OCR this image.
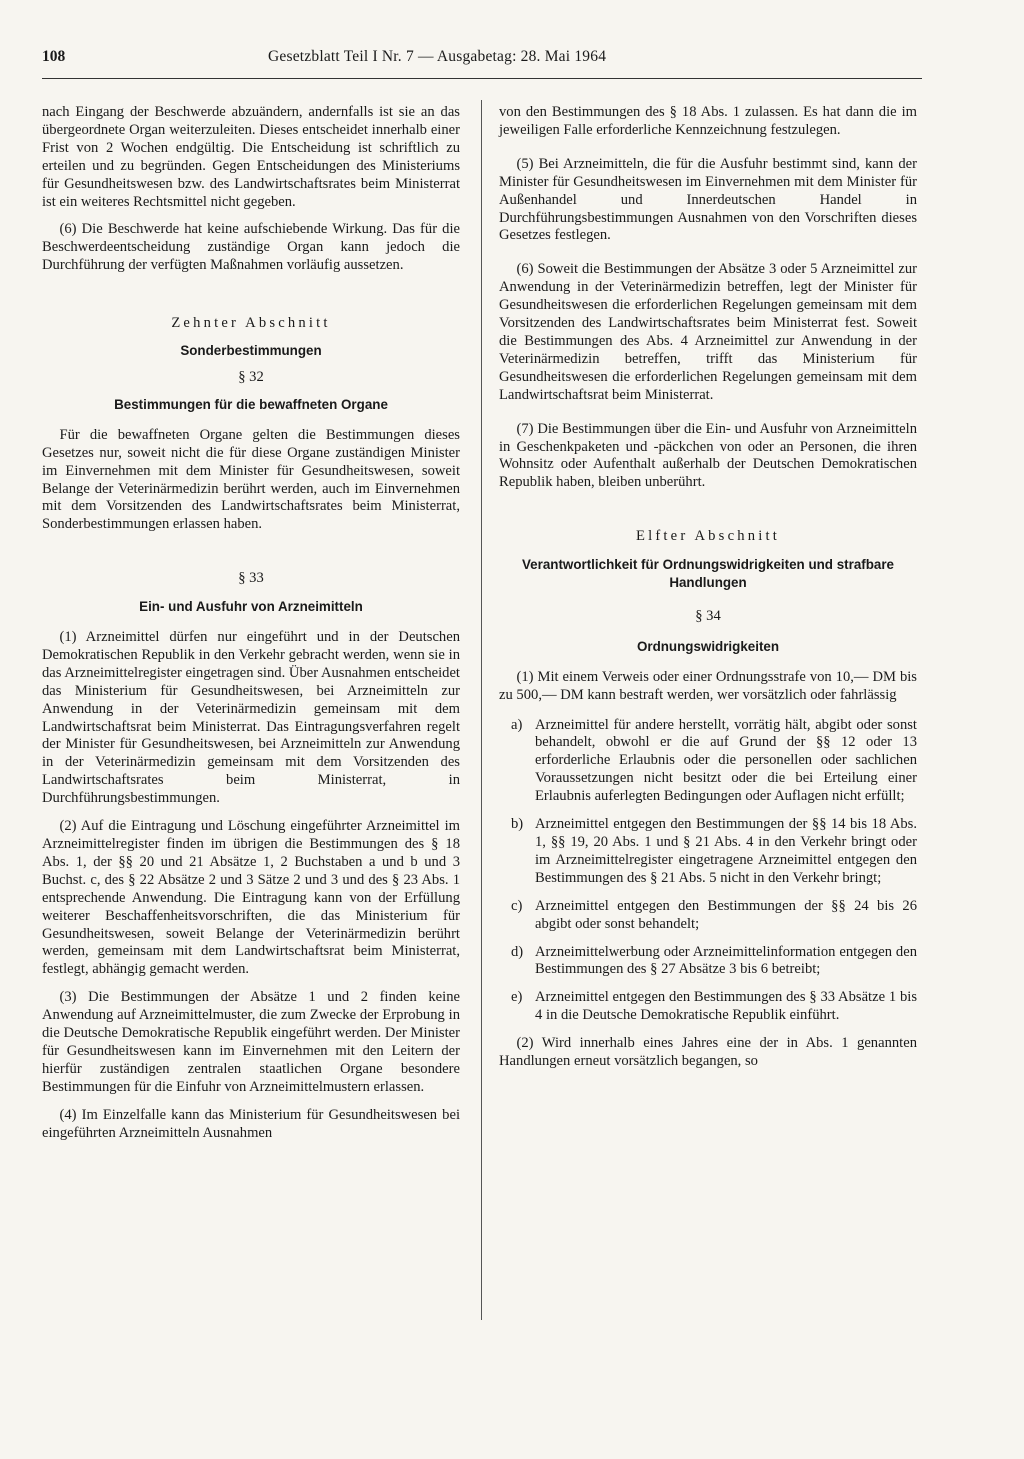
108	Gesetzblatt Teil I Nr. 7 — Ausgabetag: 28. Mai 1964

nach Eingang der Beschwerde abzuändern, andernfalls ist sie an das übergeordnete Organ weiterzuleiten. Dieses entscheidet innerhalb einer Frist von 2 Wochen endgültig. Die Entscheidung ist schriftlich zu erteilen und zu begründen. Gegen Entscheidungen des Ministeriums für Gesundheitswesen bzw. des Landwirtschaftsrates beim Ministerrat ist ein weiteres Rechtsmittel nicht gegeben.

(6) Die Beschwerde hat keine aufschiebende Wirkung. Das für die Beschwerdeentscheidung zuständige Organ kann jedoch die Durchführung der verfügten Maßnahmen vorläufig aussetzen.

Zehnter Abschnitt

Sonderbestimmungen

§ 32

Bestimmungen für die bewaffneten Organe

Für die bewaffneten Organe gelten die Bestimmungen dieses Gesetzes nur, soweit nicht die für diese Organe zuständigen Minister im Einvernehmen mit dem Minister für Gesundheitswesen, soweit Belange der Veterinärmedizin berührt werden, auch im Einvernehmen mit dem Vorsitzenden des Landwirtschaftsrates beim Ministerrat, Sonderbestimmungen erlassen haben.

§ 33

Ein- und Ausfuhr von Arzneimitteln

(1) Arzneimittel dürfen nur eingeführt und in der Deutschen Demokratischen Republik in den Verkehr gebracht werden, wenn sie in das Arzneimittelregister eingetragen sind. Über Ausnahmen entscheidet das Ministerium für Gesundheitswesen, bei Arzneimitteln zur Anwendung in der Veterinärmedizin gemeinsam mit dem Landwirtschaftsrat beim Ministerrat. Das Eintragungsverfahren regelt der Minister für Gesundheitswesen, bei Arzneimitteln zur Anwendung in der Veterinärmedizin gemeinsam mit dem Vorsitzenden des Landwirtschaftsrates beim Ministerrat, in Durchführungsbestimmungen.

(2) Auf die Eintragung und Löschung eingeführter Arzneimittel im Arzneimittelregister finden im übrigen die Bestimmungen des § 18 Abs. 1, der §§ 20 und 21 Absätze 1, 2 Buchstaben a und b und 3 Buchst. c, des § 22 Absätze 2 und 3 Sätze 2 und 3 und des § 23 Abs. 1 entsprechende Anwendung. Die Eintragung kann von der Erfüllung weiterer Beschaffenheitsvorschriften, die das Ministerium für Gesundheitswesen, soweit Belange der Veterinärmedizin berührt werden, gemeinsam mit dem Landwirtschaftsrat beim Ministerrat, festlegt, abhängig gemacht werden.

(3) Die Bestimmungen der Absätze 1 und 2 finden keine Anwendung auf Arzneimittelmuster, die zum Zwecke der Erprobung in die Deutsche Demokratische Republik eingeführt werden. Der Minister für Gesundheitswesen kann im Einvernehmen mit den Leitern der hierfür zuständigen zentralen staatlichen Organe besondere Bestimmungen für die Einfuhr von Arzneimittelmustern erlassen.

(4) Im Einzelfalle kann das Ministerium für Gesundheitswesen bei eingeführten Arzneimitteln Ausnahmen

von den Bestimmungen des § 18 Abs. 1 zulassen. Es hat dann die im jeweiligen Falle erforderliche Kennzeichnung festzulegen.

(5) Bei Arzneimitteln, die für die Ausfuhr bestimmt sind, kann der Minister für Gesundheitswesen im Einvernehmen mit dem Minister für Außenhandel und Innerdeutschen Handel in Durchführungsbestimmungen Ausnahmen von den Vorschriften dieses Gesetzes festlegen.

(6) Soweit die Bestimmungen der Absätze 3 oder 5 Arzneimittel zur Anwendung in der Veterinärmedizin betreffen, legt der Minister für Gesundheitswesen die erforderlichen Regelungen gemeinsam mit dem Vorsitzenden des Landwirtschaftsrates beim Ministerrat fest. Soweit die Bestimmungen des Abs. 4 Arzneimittel zur Anwendung in der Veterinärmedizin betreffen, trifft das Ministerium für Gesundheitswesen die erforderlichen Regelungen gemeinsam mit dem Landwirtschaftsrat beim Ministerrat.

(7) Die Bestimmungen über die Ein- und Ausfuhr von Arzneimitteln in Geschenkpaketen und -päckchen von oder an Personen, die ihren Wohnsitz oder Aufenthalt außerhalb der Deutschen Demokratischen Republik haben, bleiben unberührt.

Elfter Abschnitt

Verantwortlichkeit für Ordnungswidrigkeiten und strafbare Handlungen

§ 34

Ordnungswidrigkeiten

(1) Mit einem Verweis oder einer Ordnungsstrafe von 10,— DM bis zu 500,— DM kann bestraft werden, wer vorsätzlich oder fahrlässig

a) Arzneimittel für andere herstellt, vorrätig hält, abgibt oder sonst behandelt, obwohl er die auf Grund der §§ 12 oder 13 erforderliche Erlaubnis oder die personellen oder sachlichen Voraussetzungen nicht besitzt oder die bei Erteilung einer Erlaubnis auferlegten Bedingungen oder Auflagen nicht erfüllt;
b) Arzneimittel entgegen den Bestimmungen der §§ 14 bis 18 Abs. 1, §§ 19, 20 Abs. 1 und § 21 Abs. 4 in den Verkehr bringt oder im Arzneimittelregister eingetragene Arzneimittel entgegen den Bestimmungen des § 21 Abs. 5 nicht in den Verkehr bringt;
c) Arzneimittel entgegen den Bestimmungen der §§ 24 bis 26 abgibt oder sonst behandelt;
d) Arzneimittelwerbung oder Arzneimittelinformation entgegen den Bestimmungen des § 27 Absätze 3 bis 6 betreibt;
e) Arzneimittel entgegen den Bestimmungen des § 33 Absätze 1 bis 4 in die Deutsche Demokratische Republik einführt.

(2) Wird innerhalb eines Jahres eine der in Abs. 1 genannten Handlungen erneut vorsätzlich begangen, so
